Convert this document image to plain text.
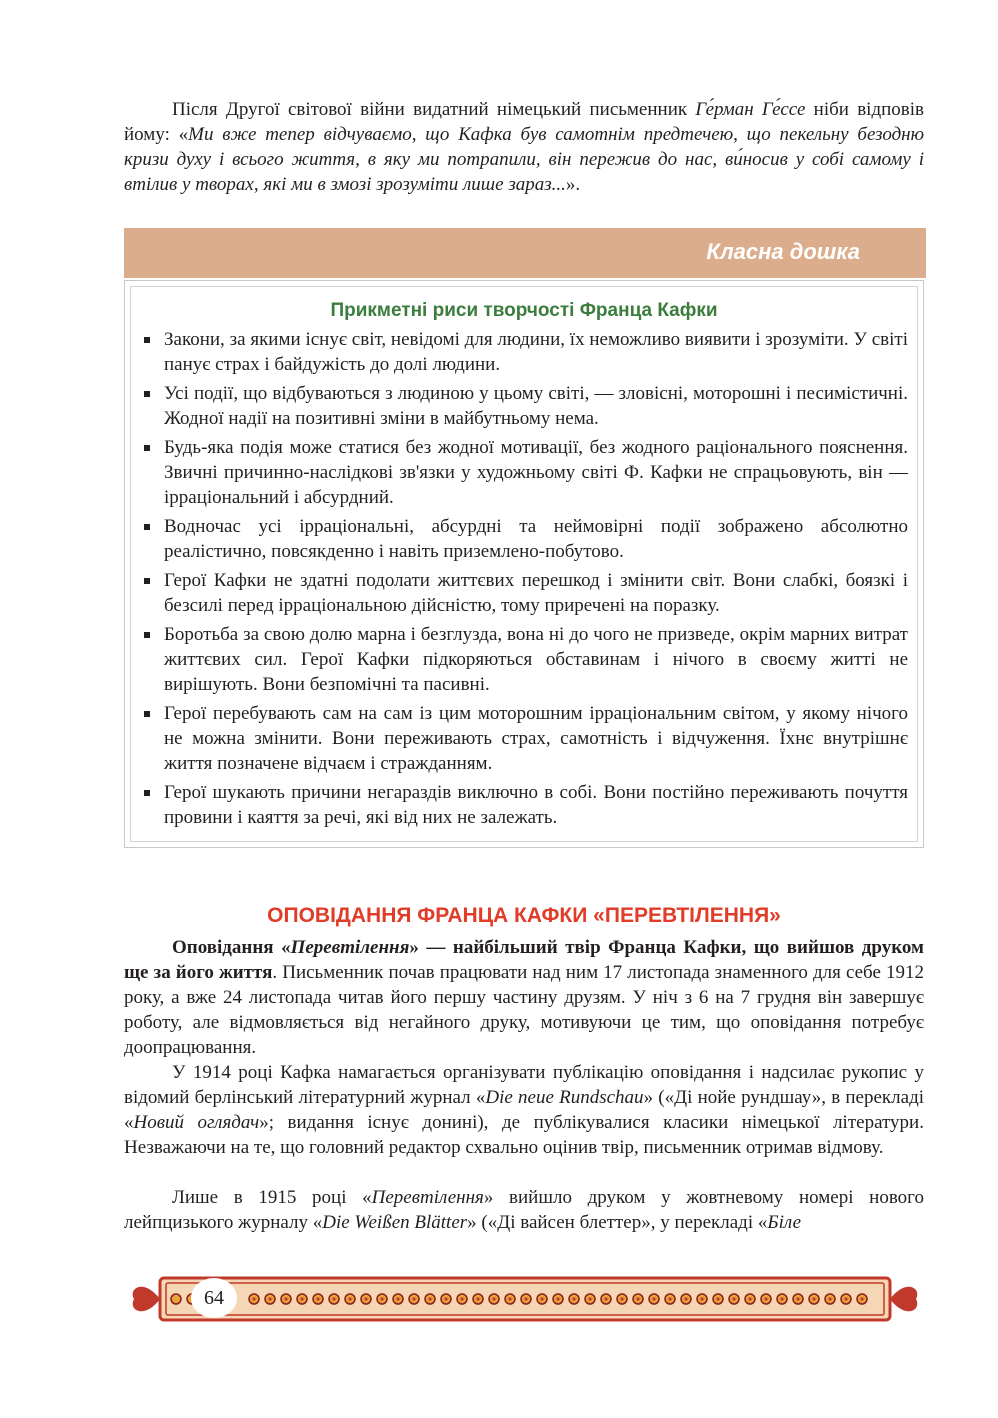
Після Другої світової війни видатний німецький письменник Ге́рман Ге́ссе ніби відповів йому: «Ми вже тепер відчуваємо, що Кафка був самотнім предтечею, що пекельну безодню кризи духу і всього життя, в яку ми потрапили, він пережив до нас, ви́носив у собі самому і втілив у творах, які ми в змозі зрозуміти лише зараз...».

Класна дошка
Прикметні риси творчості Франца Кафки
Закони, за якими існує світ, невідомі для людини, їх неможливо виявити і зрозуміти. У світі панує страх і байдужість до долі людини.
Усі події, що відбуваються з людиною у цьому світі, — зловісні, моторошні і песимістичні. Жодної надії на позитивні зміни в майбутньому нема.
Будь-яка подія може статися без жодної мотивації, без жодного раціонального пояснення. Звичні причинно-наслідкові зв'язки у художньому світі Ф. Кафки не спрацьовують, він — ірраціональний і абсурдний.
Водночас усі ірраціональні, абсурдні та неймовірні події зображено абсолютно реалістично, повсякденно і навіть приземлено-побутово.
Герої Кафки не здатні подолати життєвих перешкод і змінити світ. Вони слабкі, боязкі і безсилі перед ірраціональною дійсністю, тому приречені на поразку.
Боротьба за свою долю марна і безглузда, вона ні до чого не призведе, окрім марних витрат життєвих сил. Герої Кафки підкоряються обставинам і нічого в своєму житті не вирішують. Вони безпомічні та пасивні.
Герої перебувають сам на сам із цим моторошним ірраціональним світом, у якому нічого не можна змінити. Вони переживають страх, самотність і відчуження. Їхнє внутрішнє життя позначене відчаєм і стражданням.
Герої шукають причини негараздів виключно в собі. Вони постійно переживають почуття провини і каяття за речі, які від них не залежать.
ОПОВІДАННЯ ФРАНЦА КАФКИ «ПЕРЕВТІЛЕННЯ»

Оповідання «Перевтілення» — найбільший твір Франца Кафки, що вийшов друком ще за його життя. Письменник почав працювати над ним 17 листопада знаменного для себе 1912 року, а вже 24 листопада читав його першу частину друзям. У ніч з 6 на 7 грудня він завершує роботу, але відмовляється від негайного друку, мотивуючи це тим, що оповідання потребує доопрацювання.

У 1914 році Кафка намагається організувати публікацію оповідання і надсилає рукопис у відомий берлінський літературний журнал «Die neue Rundschau» («Ді нойе рундшау», в перекладі «Новий оглядач»; видання існує донині), де публікувалися класики німецької літератури. Незважаючи на те, що головний редактор схвально оцінив твір, письменник отримав відмову.

Лише в 1915 році «Перевтілення» вийшло друком у жовтневому номері нового лейпцизького журналу «Die Weißen Blätter» («Ді вайсен блеттер», у перекладі «Біле

64
